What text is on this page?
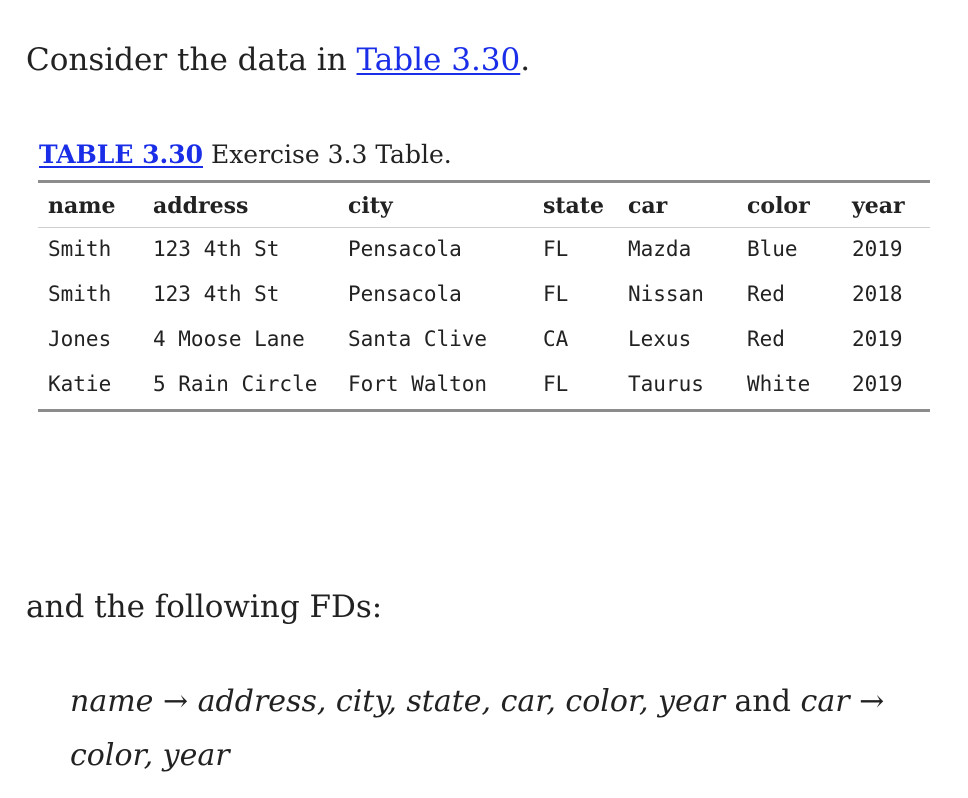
Consider the data in Table 3.30.

TABLE 3.30 Exercise 3.3 Table.
name	address	city	state	car	color	year
Smith	123 4th St	Pensacola	FL	Mazda	Blue	2019
Smith	123 4th St	Pensacola	FL	Nissan	Red	2018
Jones	4 Moose Lane	Santa Clive	CA	Lexus	Red	2019
Katie	5 Rain Circle	Fort Walton	FL	Taurus	White	2019

and the following FDs:

name → address, city, state, car, color, year and car → color, year
